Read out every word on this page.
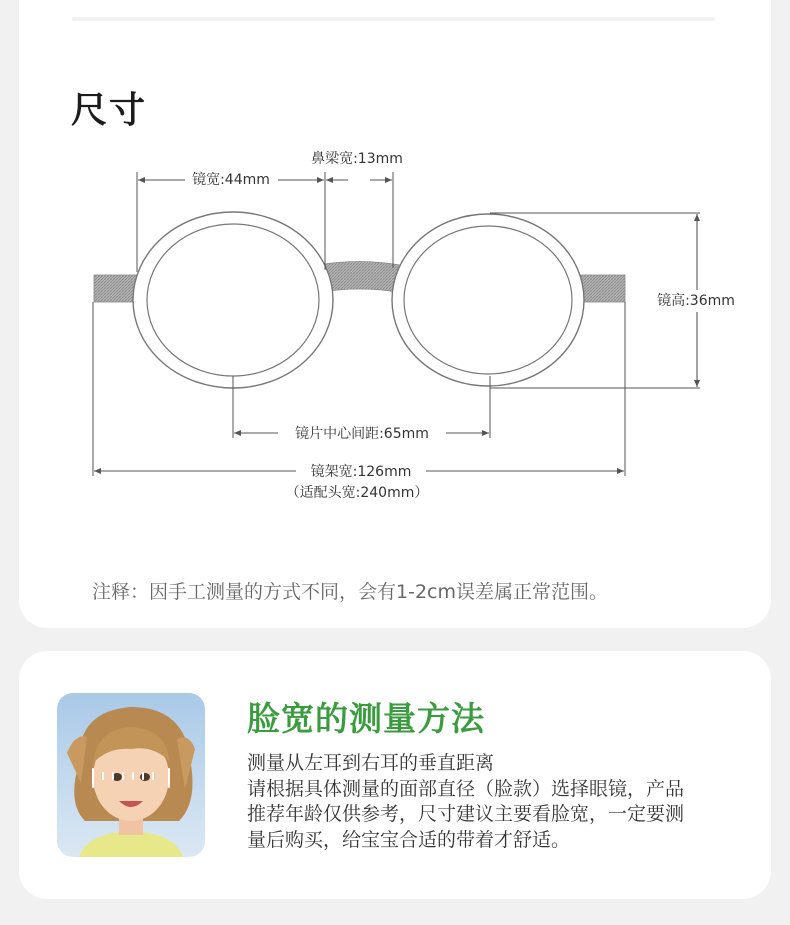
尺寸
鼻梁宽:13mm
镜宽:44mm
镜高:36mm
镜片中心间距:65mm
镜架宽:126mm
（适配头宽:240mm）
注释：因手工测量的方式不同，会有1-2cm误差属正常范围。
脸宽的测量方法
测量从左耳到右耳的垂直距离
请根据具体测量的面部直径（脸款）选择眼镜，产品
推荐年龄仅供参考，尺寸建议主要看脸宽，一定要测
量后购买，给宝宝合适的带着才舒适。
